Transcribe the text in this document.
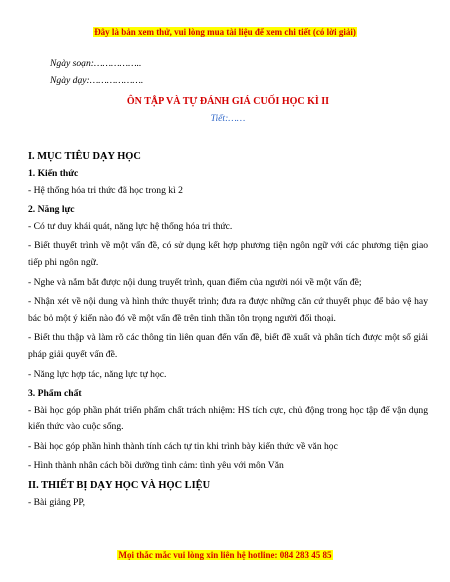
Đây là bản xem thử, vui lòng mua tài liệu để xem chi tiết (có lời giải)

Ngày soạn:……………..

Ngày dạy:……………….

ÔN TẬP VÀ TỰ ĐÁNH GIÁ CUỐI HỌC KÌ II

Tiết:……

I. MỤC TIÊU DẠY HỌC

1. Kiến thức

- Hệ thống hóa tri thức đã học trong kì 2

2. Năng lực

- Có tư duy khái quát, năng lực hệ thống hóa tri thức.

- Biết thuyết trình về một vấn đề, có sử dụng kết hợp phương tiện ngôn ngữ với các phương tiện giao tiếp phi ngôn ngữ.

- Nghe và nắm bắt được nội dung truyết trình, quan điểm của người nói về một vấn đề;

- Nhận xét về nội dung và hình thức thuyết trình; đưa ra được những căn cứ thuyết phục để bảo vệ hay bác bỏ một ý kiến nào đó về một vấn đề trên tinh thần tôn trọng người đối thoại.

- Biết thu thập và làm rõ các thông tin liên quan đến vấn đề, biết đề xuất và phân tích được một số giải pháp giải quyết vấn đề.

- Năng lực hợp tác, năng lực tự học.

3. Phẩm chất

- Bài học góp phần phát triển phẩm chất trách nhiệm: HS tích cực, chủ động trong học tập để vận dụng kiến thức vào cuộc sống.

- Bài học góp phần hình thành tính cách tự tin khi trình bày kiến thức về văn học

- Hình thành nhân cách bồi dưỡng tình cảm: tình yêu với môn Văn

II. THIẾT BỊ DẠY HỌC VÀ HỌC LIỆU

- Bài giảng PP,

Mọi thắc mắc vui lòng xin liên hệ hotline: 084 283 45 85
